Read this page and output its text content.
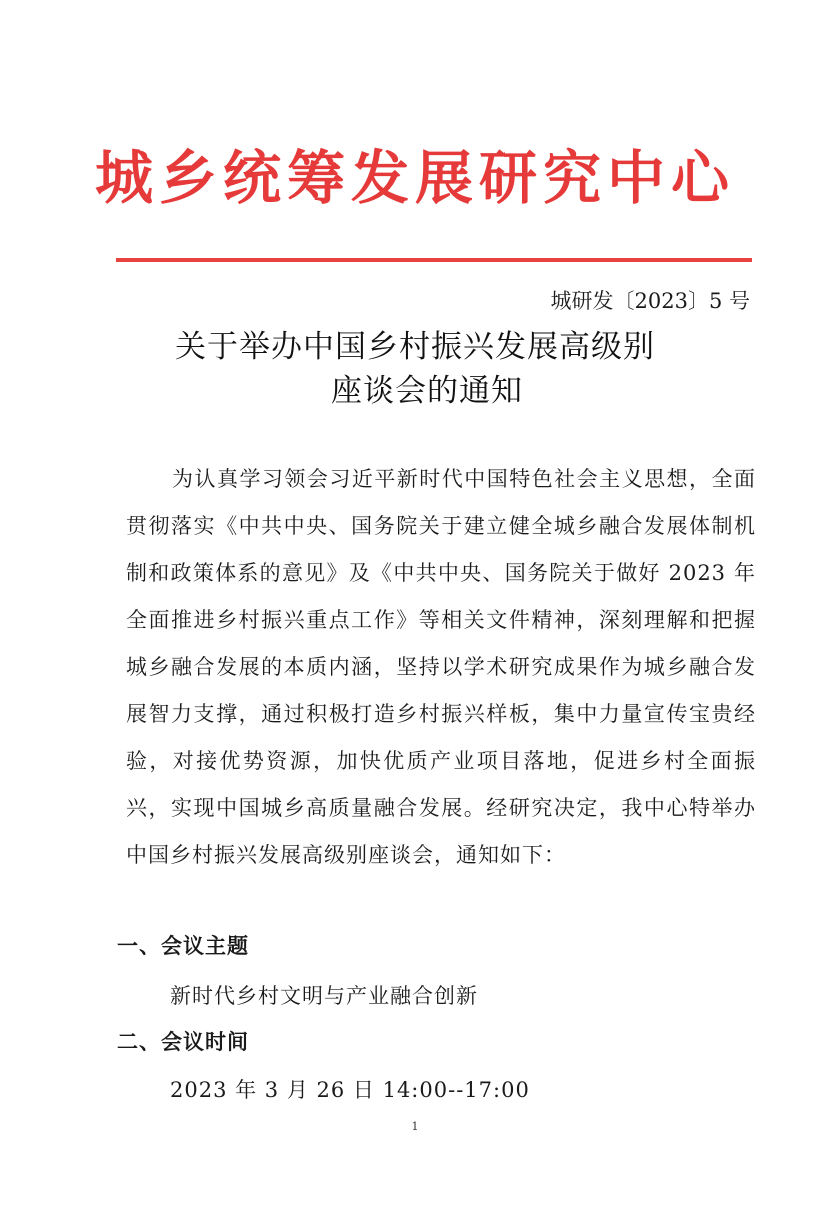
城乡统筹发展研究中心
城研发〔2023〕5 号
关于举办中国乡村振兴发展高级别
座谈会的通知
为认真学习领会习近平新时代中国特色社会主义思想，全面贯彻落实《中共中央、国务院关于建立健全城乡融合发展体制机制和政策体系的意见》及《中共中央、国务院关于做好 2023 年全面推进乡村振兴重点工作》等相关文件精神，深刻理解和把握城乡融合发展的本质内涵，坚持以学术研究成果作为城乡融合发展智力支撑，通过积极打造乡村振兴样板，集中力量宣传宝贵经验，对接优势资源，加快优质产业项目落地，促进乡村全面振兴，实现中国城乡高质量融合发展。经研究决定，我中心特举办中国乡村振兴发展高级别座谈会，通知如下：
一、会议主题
新时代乡村文明与产业融合创新
二、会议时间
2023 年 3 月 26 日 14:00--17:00
1
